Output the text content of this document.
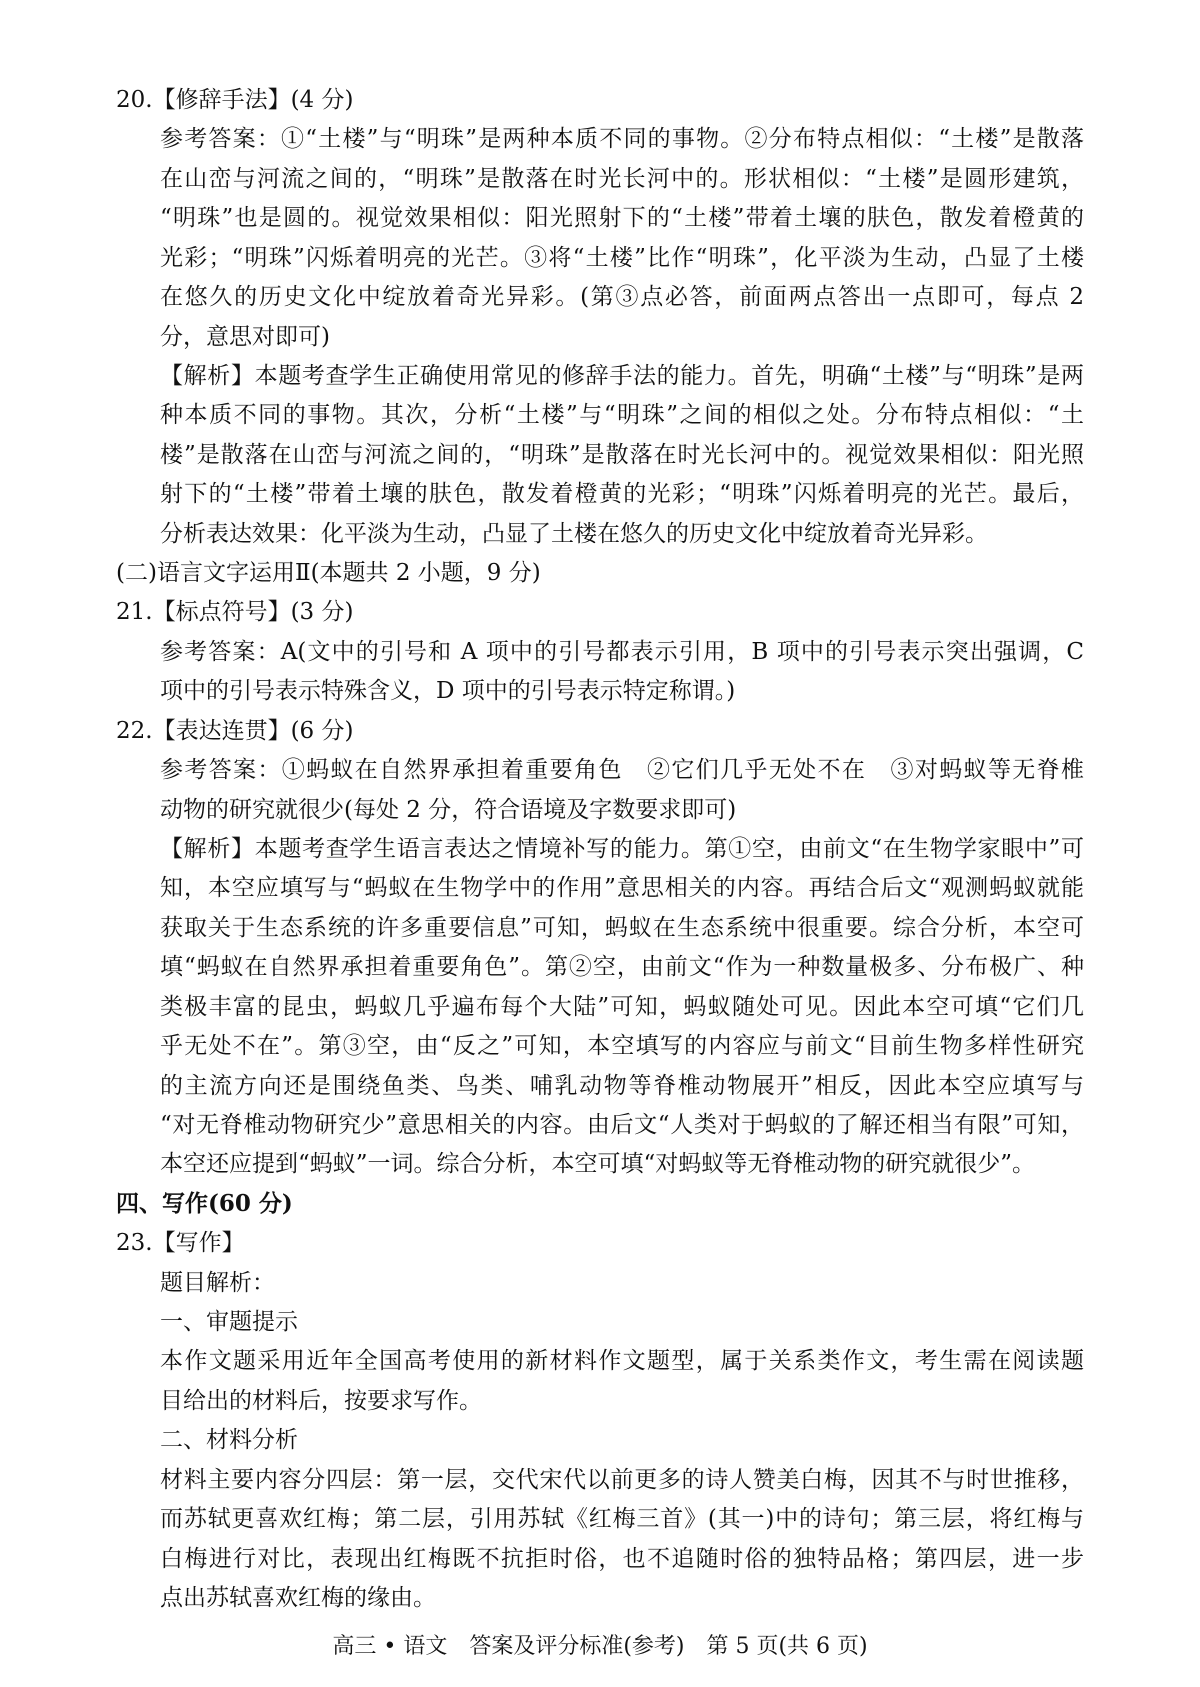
20.【修辞手法】(4 分)
参考答案：①“土楼”与“明珠”是两种本质不同的事物。②分布特点相似：“土楼”是散落
在山峦与河流之间的，“明珠”是散落在时光长河中的。形状相似：“土楼”是圆形建筑，
“明珠”也是圆的。视觉效果相似：阳光照射下的“土楼”带着土壤的肤色，散发着橙黄的
光彩；“明珠”闪烁着明亮的光芒。③将“土楼”比作“明珠”，化平淡为生动，凸显了土楼
在悠久的历史文化中绽放着奇光异彩。(第③点必答，前面两点答出一点即可，每点 2
分，意思对即可)
【解析】本题考查学生正确使用常见的修辞手法的能力。首先，明确“土楼”与“明珠”是两
种本质不同的事物。其次，分析“土楼”与“明珠”之间的相似之处。分布特点相似：“土
楼”是散落在山峦与河流之间的，“明珠”是散落在时光长河中的。视觉效果相似：阳光照
射下的“土楼”带着土壤的肤色，散发着橙黄的光彩；“明珠”闪烁着明亮的光芒。最后，
分析表达效果：化平淡为生动，凸显了土楼在悠久的历史文化中绽放着奇光异彩。
(二)语言文字运用Ⅱ(本题共 2 小题，9 分)
21.【标点符号】(3 分)
参考答案：A(文中的引号和 A 项中的引号都表示引用，B 项中的引号表示突出强调，C
项中的引号表示特殊含义，D 项中的引号表示特定称谓。)
22.【表达连贯】(6 分)
参考答案：①蚂蚁在自然界承担着重要角色　②它们几乎无处不在　③对蚂蚁等无脊椎
动物的研究就很少(每处 2 分，符合语境及字数要求即可)
【解析】本题考查学生语言表达之情境补写的能力。第①空，由前文“在生物学家眼中”可
知，本空应填写与“蚂蚁在生物学中的作用”意思相关的内容。再结合后文“观测蚂蚁就能
获取关于生态系统的许多重要信息”可知，蚂蚁在生态系统中很重要。综合分析，本空可
填“蚂蚁在自然界承担着重要角色”。第②空，由前文“作为一种数量极多、分布极广、种
类极丰富的昆虫，蚂蚁几乎遍布每个大陆”可知，蚂蚁随处可见。因此本空可填“它们几
乎无处不在”。第③空，由“反之”可知，本空填写的内容应与前文“目前生物多样性研究
的主流方向还是围绕鱼类、鸟类、哺乳动物等脊椎动物展开”相反，因此本空应填写与
“对无脊椎动物研究少”意思相关的内容。由后文“人类对于蚂蚁的了解还相当有限”可知，
本空还应提到“蚂蚁”一词。综合分析，本空可填“对蚂蚁等无脊椎动物的研究就很少”。
四、写作(60 分)
23.【写作】
题目解析：
一、审题提示
本作文题采用近年全国高考使用的新材料作文题型，属于关系类作文，考生需在阅读题
目给出的材料后，按要求写作。
二、材料分析
材料主要内容分四层：第一层，交代宋代以前更多的诗人赞美白梅，因其不与时世推移，
而苏轼更喜欢红梅；第二层，引用苏轼《红梅三首》(其一)中的诗句；第三层，将红梅与
高三 • 语文　答案及评分标准(参考)　第 5 页(共 6 页)
白梅进行对比，表现出红梅既不抗拒时俗，也不追随时俗的独特品格；第四层，进一步
点出苏轼喜欢红梅的缘由。
